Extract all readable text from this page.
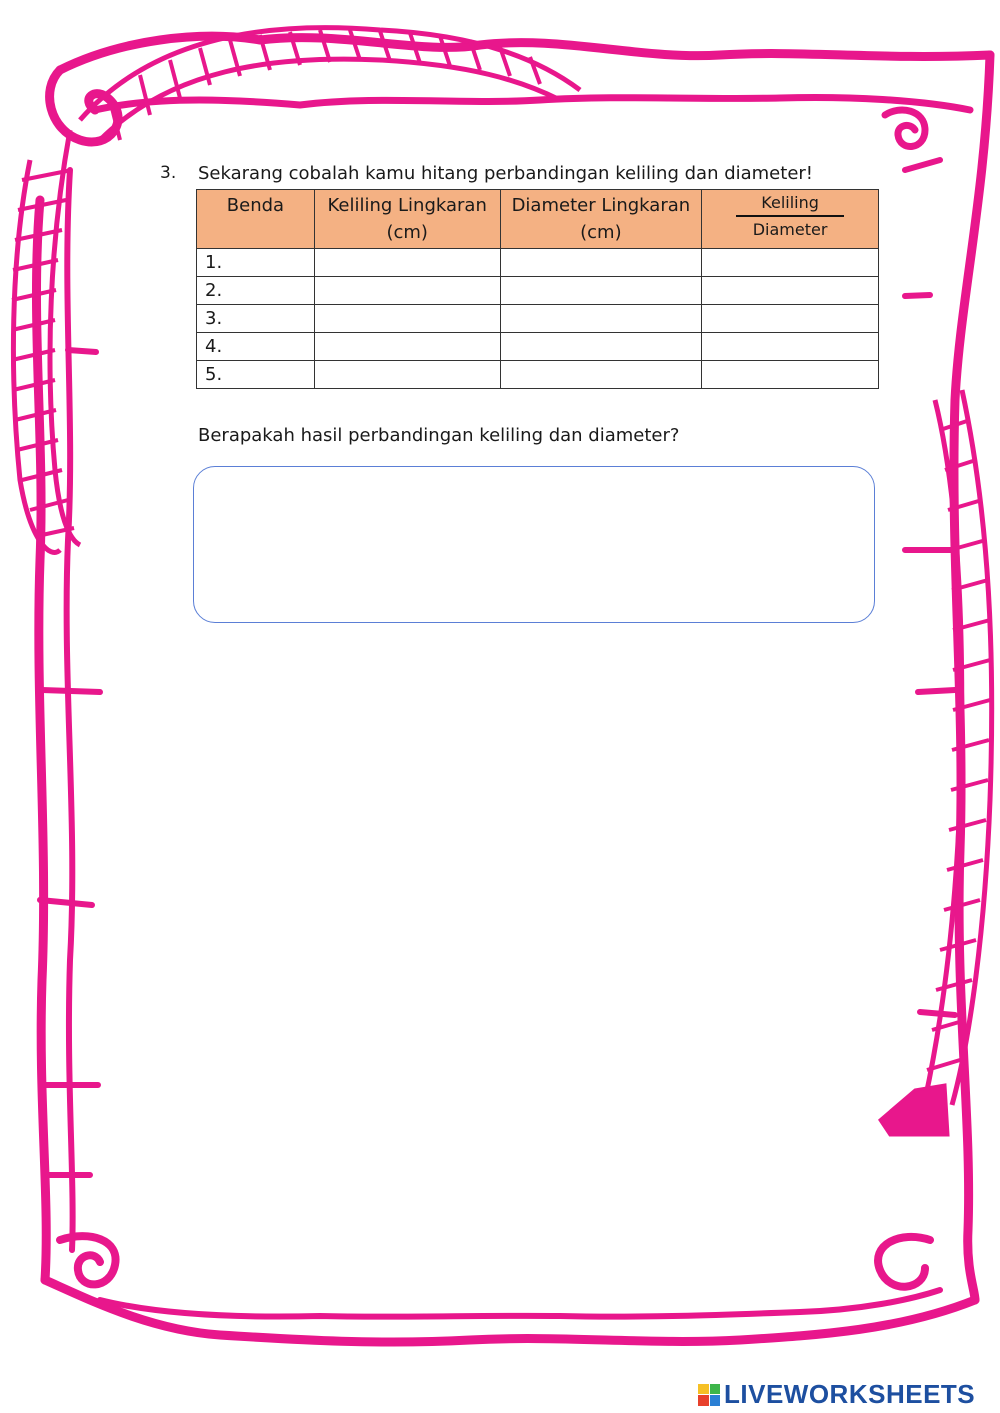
3. Sekarang cobalah kamu hitang perbandingan keliling dan diameter!
Benda	Keliling Lingkaran (cm)	Diameter Lingkaran (cm)	$\frac{\text{Keliling}}{\text{Diameter}}$

1.			
2.			
3.			
4.			
5.			
Berapakah hasil perbandingan keliling dan diameter?
LIVEWORKSHEETS
